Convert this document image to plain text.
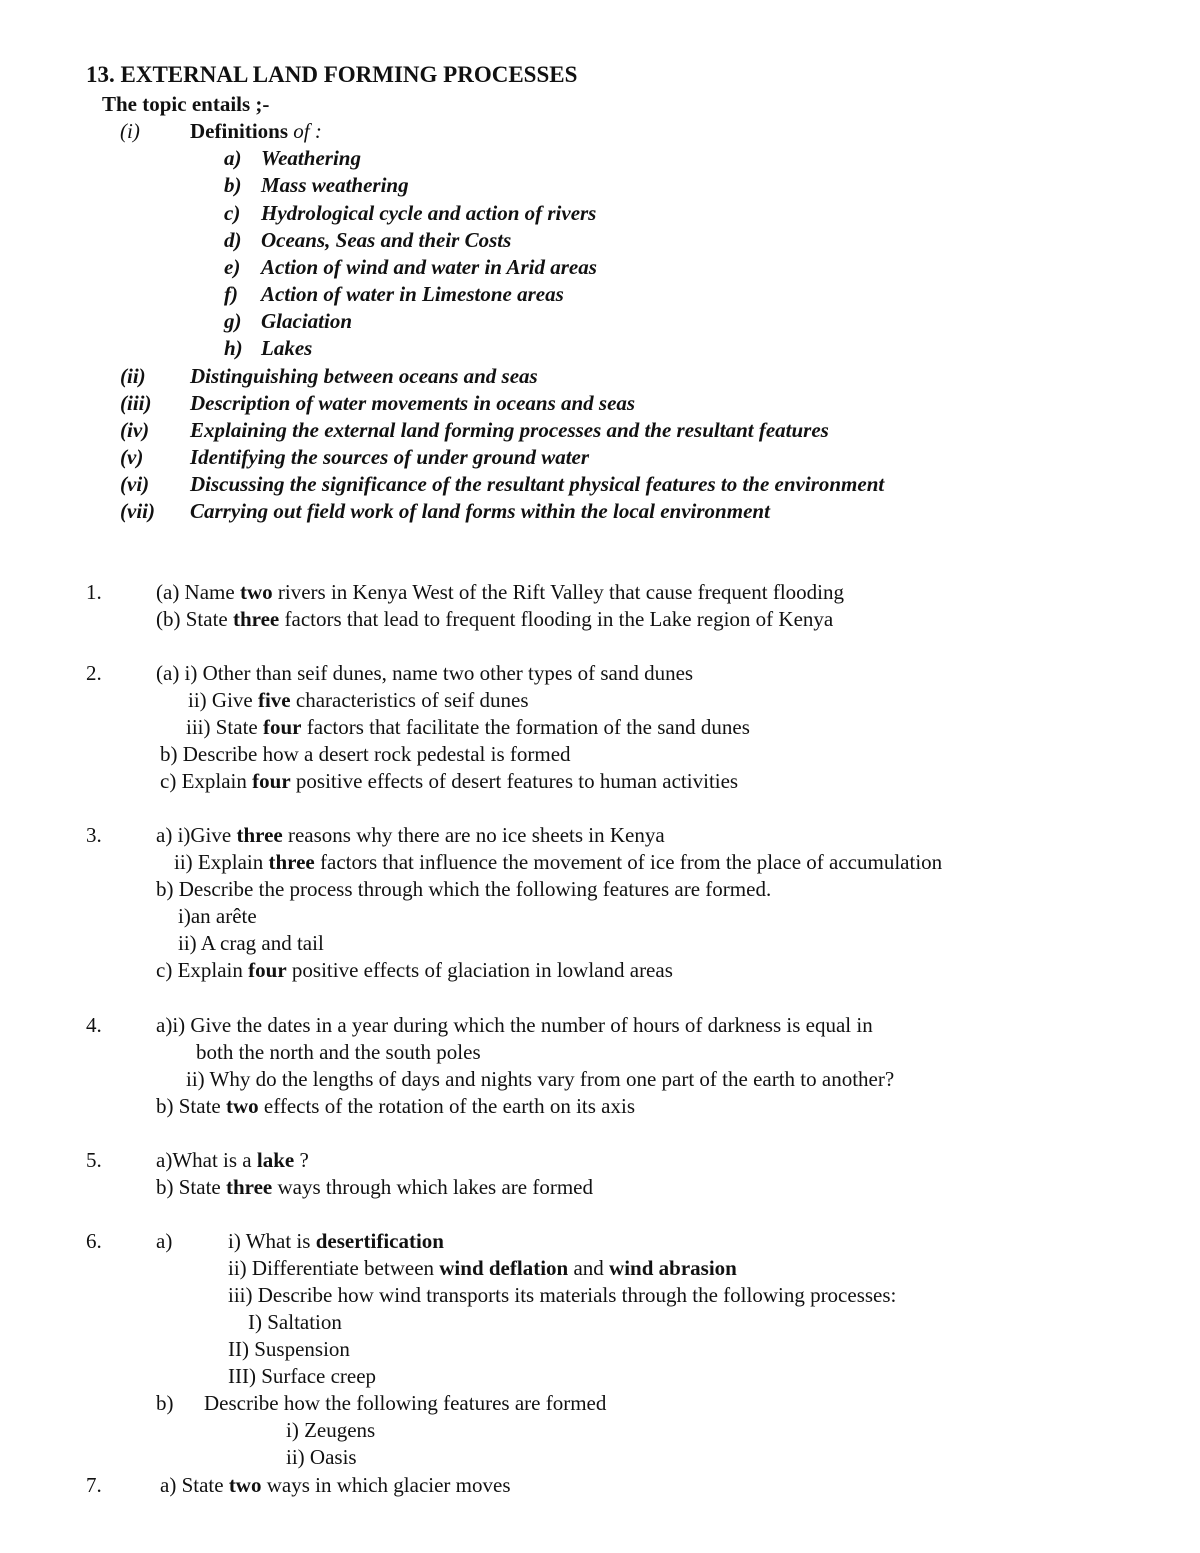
13. EXTERNAL LAND FORMING PROCESSES
The topic entails ;-
(i) Definitions of :
a) Weathering
b) Mass weathering
c) Hydrological cycle and action of rivers
d) Oceans, Seas and their Costs
e) Action of wind and water in Arid areas
f) Action of water in Limestone areas
g) Glaciation
h) Lakes
(ii) Distinguishing between oceans and seas
(iii) Description of water movements in oceans and seas
(iv) Explaining the external land forming processes and the resultant features
(v) Identifying the sources of under ground water
(vi) Discussing the significance of the resultant physical features to the environment
(vii) Carrying out field work of land forms within the local environment
1.	(a) Name two rivers in Kenya West of the Rift Valley that cause frequent flooding
(b) State three factors that lead to frequent flooding in the Lake region of Kenya
2.	(a) i) Other than seif dunes, name two other types of sand dunes
ii) Give five characteristics of seif dunes
iii) State four factors that facilitate the formation of the sand dunes
b) Describe how a desert rock pedestal is formed
c) Explain four positive effects of desert features to human activities
3.	a) i)Give three reasons why there are no ice sheets in Kenya
ii) Explain three factors that influence the movement of ice from the place of accumulation
b) Describe the process through which the following features are formed.
i)an arête
ii) A crag and tail
c) Explain four positive effects of glaciation in lowland areas
4.	a)i) Give the dates in a year during which the number of hours of darkness is equal in
both the north and the south poles
ii) Why do the lengths of days and nights vary from one part of the earth to another?
b) State two effects of the rotation of the earth on its axis
5.	a)What is a lake ?
b) State three ways through which lakes are formed
6.	a)	i) What is desertification
ii) Differentiate between wind deflation and wind abrasion
iii) Describe how wind transports its materials through the following processes:
I) Saltation
II) Suspension
III) Surface creep
b) Describe how the following features are formed
i) Zeugens
ii) Oasis
7.	a) State two ways in which glacier moves
